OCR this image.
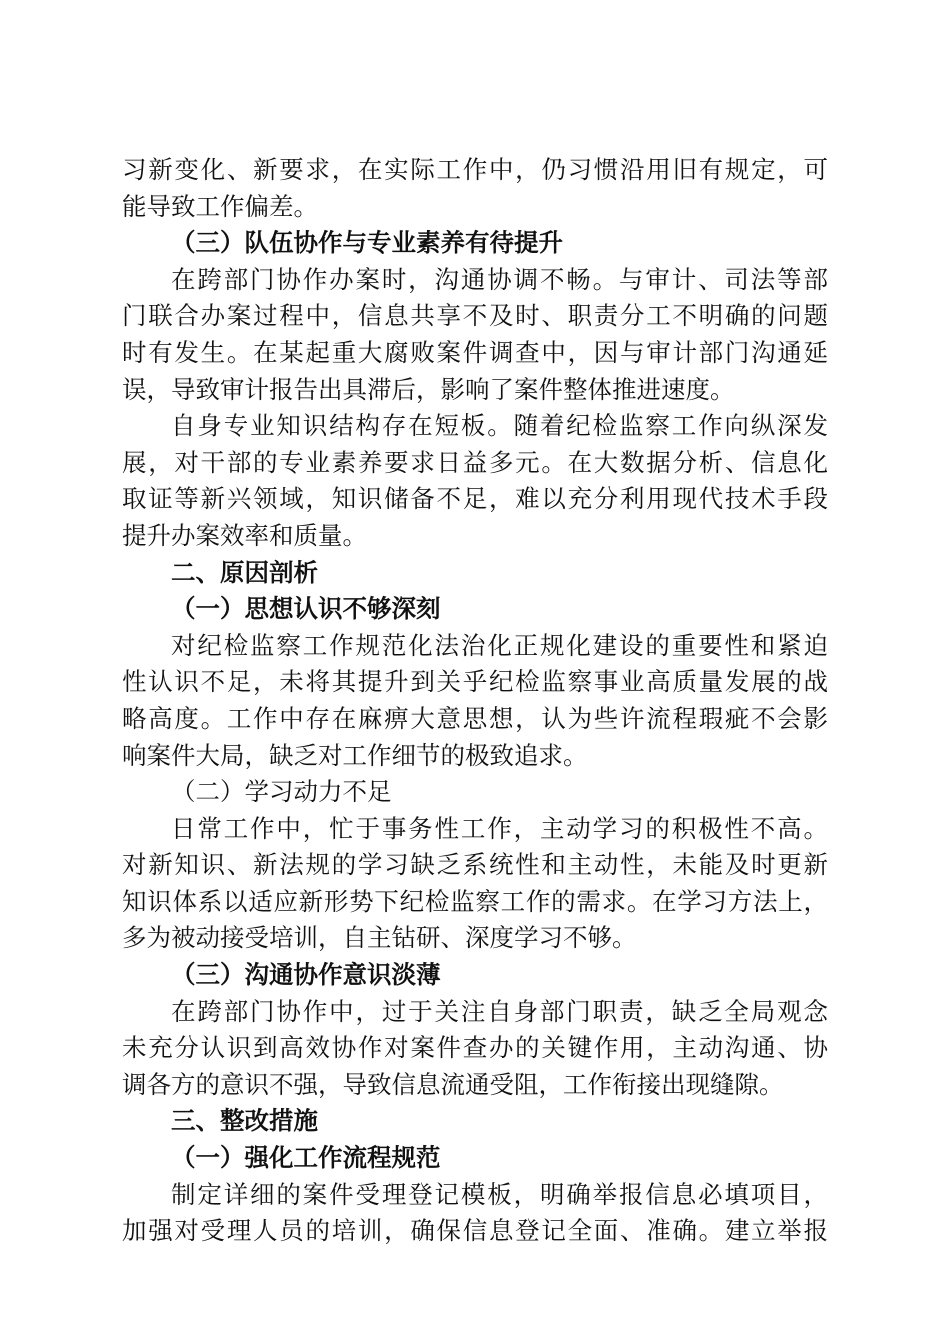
习新变化、新要求，在实际工作中，仍习惯沿用旧有规定，可
能导致工作偏差。
（三）队伍协作与专业素养有待提升
在跨部门协作办案时，沟通协调不畅。与审计、司法等部
门联合办案过程中，信息共享不及时、职责分工不明确的问题
时有发生。在某起重大腐败案件调查中，因与审计部门沟通延
误，导致审计报告出具滞后，影响了案件整体推进速度。
自身专业知识结构存在短板。随着纪检监察工作向纵深发
展，对干部的专业素养要求日益多元。在大数据分析、信息化
取证等新兴领域，知识储备不足，难以充分利用现代技术手段
提升办案效率和质量。
二、原因剖析
（一）思想认识不够深刻
对纪检监察工作规范化法治化正规化建设的重要性和紧迫
性认识不足，未将其提升到关乎纪检监察事业高质量发展的战
略高度。工作中存在麻痹大意思想，认为些许流程瑕疵不会影
响案件大局，缺乏对工作细节的极致追求。
（二）学习动力不足
日常工作中，忙于事务性工作，主动学习的积极性不高。
对新知识、新法规的学习缺乏系统性和主动性，未能及时更新
知识体系以适应新形势下纪检监察工作的需求。在学习方法上，
多为被动接受培训，自主钻研、深度学习不够。
（三）沟通协作意识淡薄
在跨部门协作中，过于关注自身部门职责，缺乏全局观念
未充分认识到高效协作对案件查办的关键作用，主动沟通、协
调各方的意识不强，导致信息流通受阻，工作衔接出现缝隙。
三、整改措施
（一）强化工作流程规范
制定详细的案件受理登记模板，明确举报信息必填项目，
加强对受理人员的培训，确保信息登记全面、准确。建立举报
